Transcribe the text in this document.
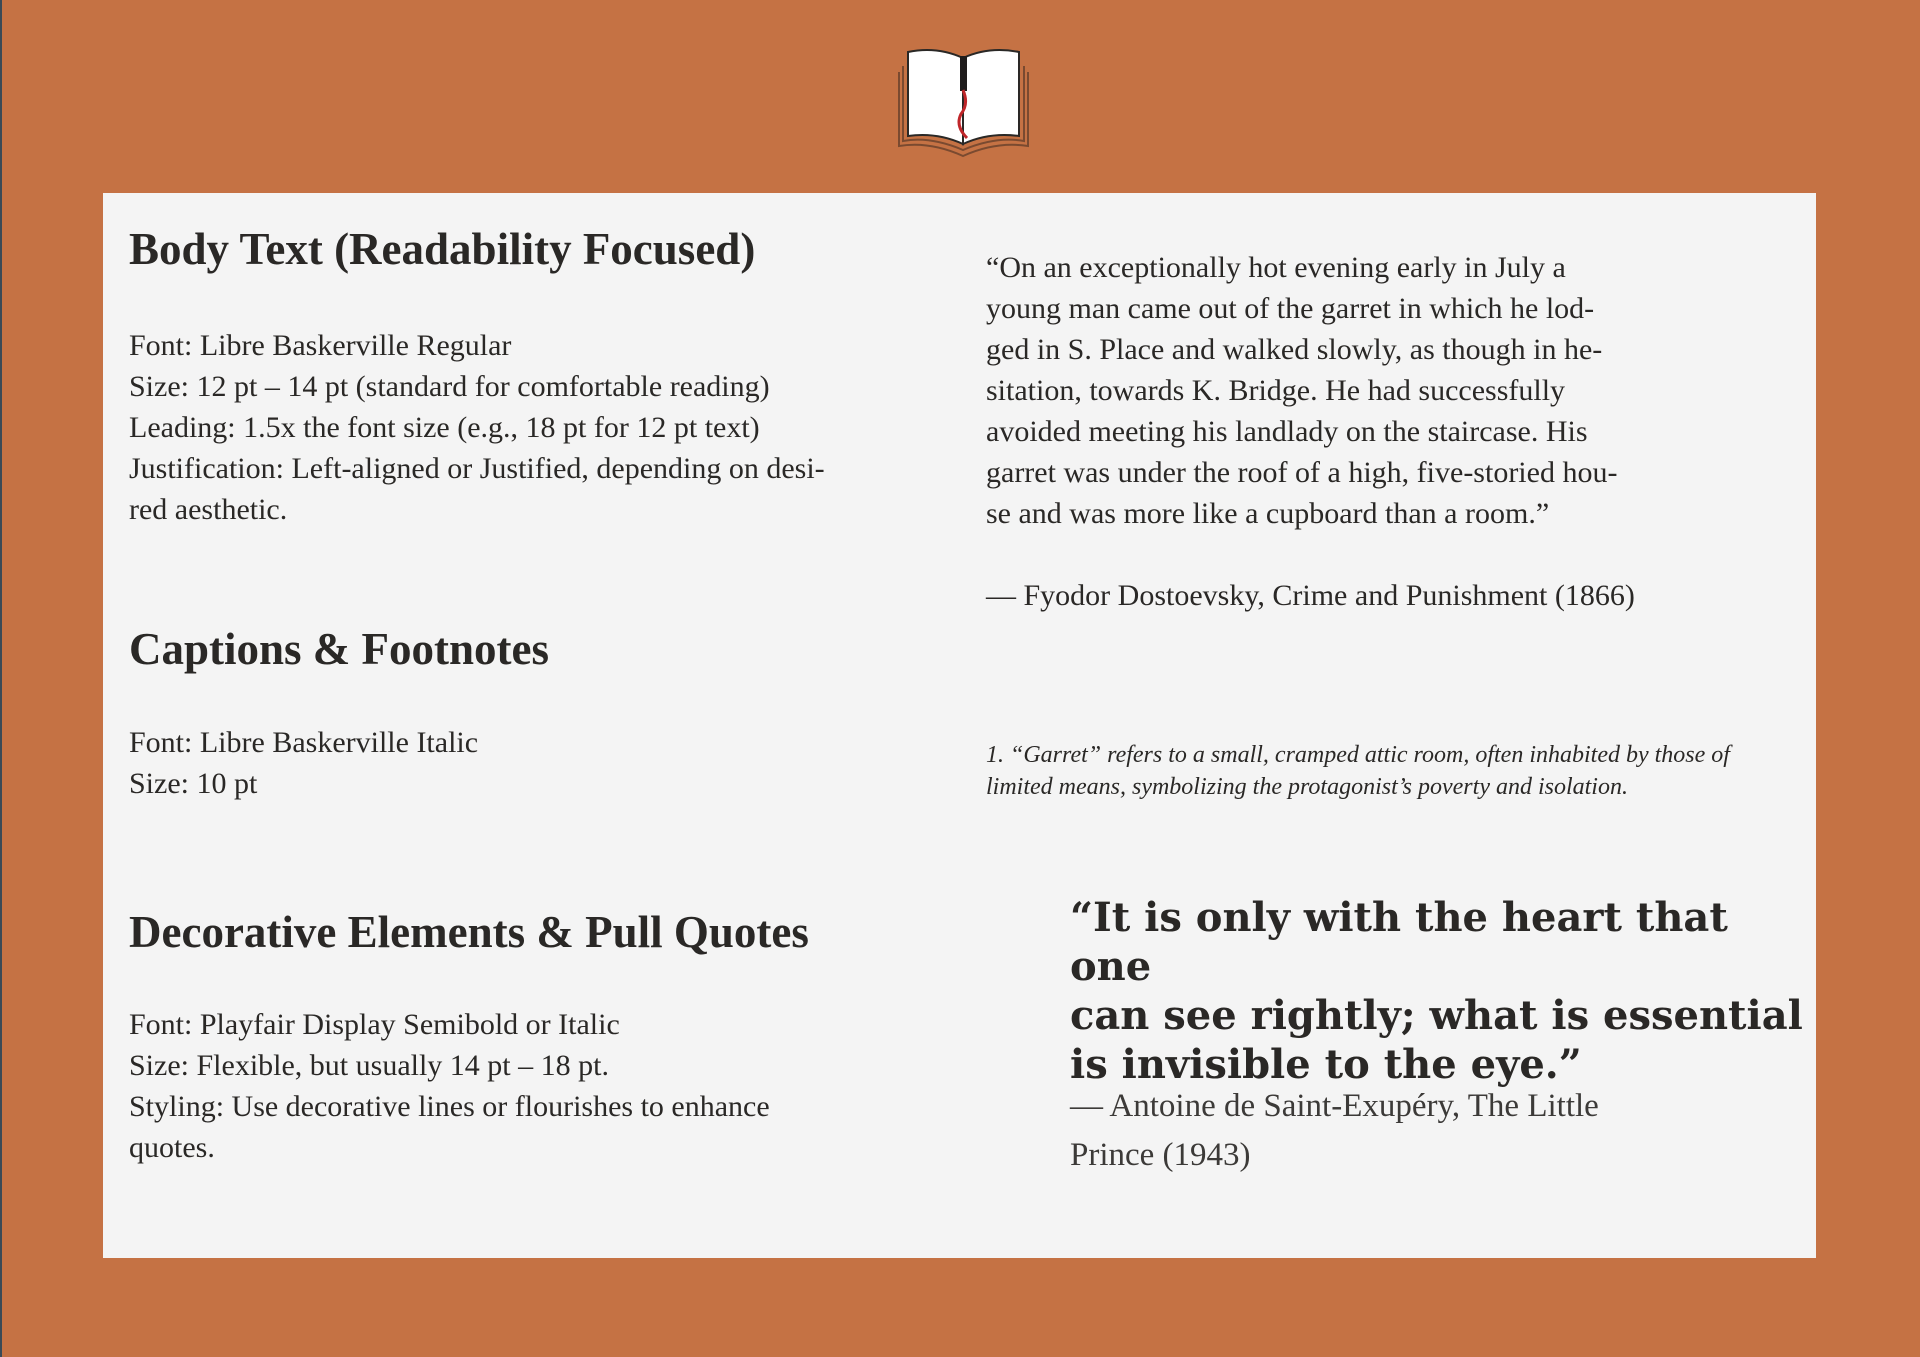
Body Text (Readability Focused)
Font: Libre Baskerville Regular
Size: 12 pt – 14 pt (standard for comfortable reading)
Leading: 1.5x the font size (e.g., 18 pt for 12 pt text)
Justification: Left-aligned or Justified, depending on desi-
red aesthetic.
Captions & Footnotes
Font: Libre Baskerville Italic
Size: 10 pt
Decorative Elements & Pull Quotes
Font: Playfair Display Semibold or Italic
Size: Flexible, but usually 14 pt – 18 pt.
Styling: Use decorative lines or flourishes to enhance
quotes.
“On an exceptionally hot evening early in July a
young man came out of the garret in which he lod-
ged in S. Place and walked slowly, as though in he-
sitation, towards K. Bridge. He had successfully
avoided meeting his landlady on the staircase. His
garret was under the roof of a high, five-storied hou-
se and was more like a cupboard than a room.”
— Fyodor Dostoevsky, Crime and Punishment (1866)
1. “Garret” refers to a small, cramped attic room, often inhabited by those of
limited means, symbolizing the protagonist’s poverty and isolation.
“It is only with the heart that one
can see rightly; what is essential
is invisible to the eye.”
— Antoine de Saint-Exupéry, The Little
Prince (1943)
